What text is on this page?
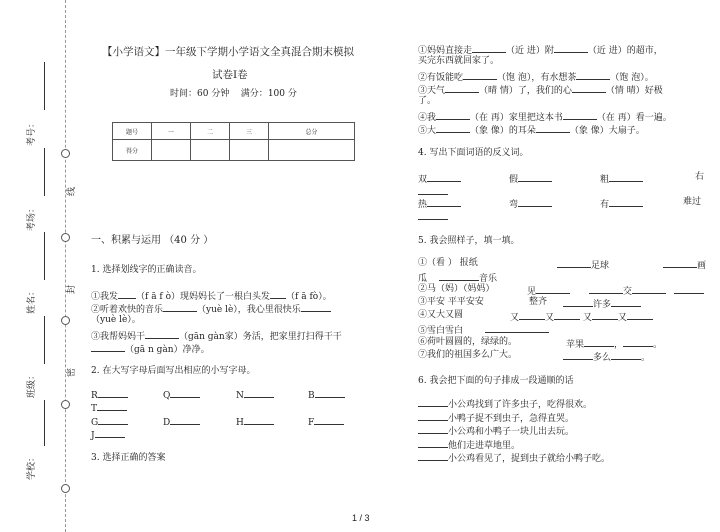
线
封
密
考号：
考场：
姓名：
班级：
学校：
【小学语文】一年级下学期小学语文全真混合期末模拟
试卷Ⅰ卷
时间：60 分钟 满分：100 分
题号	一	二	三	总分
得分				
一、积累与运用 （40 分 ）
1. 选择划线字的正确读音。
①我发 （f ā f ò）现妈妈长了一根白头发 （f ā fò）。
②听着欢快的音乐	（yuè lè），我心里很快乐
（yuè lè）。
③我帮妈妈干	（gān gàn家）务活，把家里打扫得干干
（gā n gàn）净净。
2. 在大写字母后面写出相应的小写字母。
R	Q	N	B
T
G	D	H	F
J
3. 选择正确的答案
①妈妈直接走	（近 进）附	（近 进）的超市，
买完东西就回家了。
②有饭能吃	（饱 泡），有水想茶	（饱 泡）。
③天气	（晴 情）了，我们的心	（情 晴）好极
了。
④我	（在 再）家里把这本书	（在 再）看一遍。
⑤大	（象 像）的耳朵	（象 像）大扇子。
4. 写出下面词语的反义词。
双	假	粗	右
热	弯	有	难过
5. 我会照样子，填一填。
①（看 ） 报纸	足球	画
瓜	音乐
②马（妈）（妈妈）	见	交
③平安 平平安安	整齐	许多
④又大又圆	又	又	又	又
⑤雪白雪白
⑥荷叶圆圆的，绿绿的。	苹果	，	。
⑦我们的祖国多么广大。	多么	。
6. 我会把下面的句子排成一段通顺的话
小公鸡找到了许多虫子，吃得很欢。
小鸭子捉不到虫子，急得直哭。
小公鸡和小鸭子一块儿出去玩。
他们走进草地里。
小公鸡看见了，捉到虫子就给小鸭子吃。
1 / 3
